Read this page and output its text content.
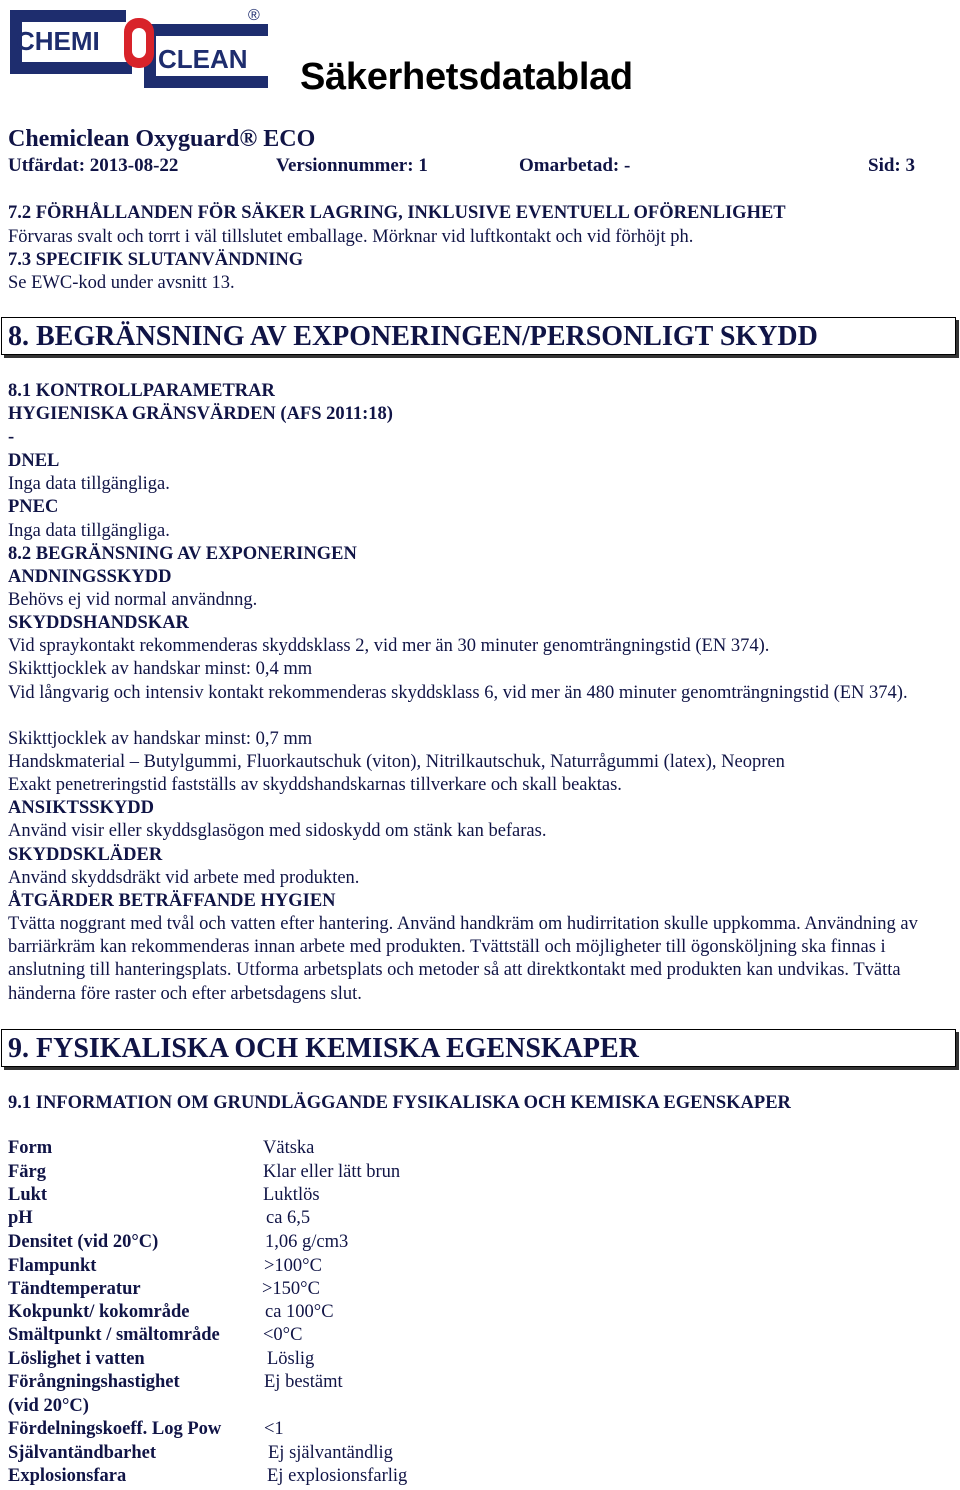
CHEMI
CLEAN
®
Säkerhetsdatablad
Chemiclean Oxyguard® ECO
Utfärdat: 2013-08-22	Versionnummer: 1	Omarbetad: -	Sid: 3
7.2 FÖRHÅLLANDEN FÖR SÄKER LAGRING, INKLUSIVE EVENTUELL OFÖRENLIGHET
Förvaras svalt och torrt i väl tillslutet emballage. Mörknar vid luftkontakt och vid förhöjt ph.
7.3 SPECIFIK SLUTANVÄNDNING
Se EWC-kod under avsnitt 13.
8. BEGRÄNSNING AV EXPONERINGEN/PERSONLIGT SKYDD
8.1 KONTROLLPARAMETRAR
HYGIENISKA GRÄNSVÄRDEN (AFS 2011:18)
-
DNEL
Inga data tillgängliga.
PNEC
Inga data tillgängliga.
8.2 BEGRÄNSNING AV EXPONERINGEN
ANDNINGSSKYDD
Behövs ej vid normal användnng.
SKYDDSHANDSKAR
Vid spraykontakt rekommenderas skyddsklass 2, vid mer än 30 minuter genomträngningstid (EN 374).
Skikttjocklek av handskar minst: 0,4 mm
Vid långvarig och intensiv kontakt rekommenderas skyddsklass 6, vid mer än 480 minuter genomträngningstid (EN 374).
Skikttjocklek av handskar minst: 0,7 mm
Handskmaterial – Butylgummi, Fluorkautschuk (viton), Nitrilkautschuk, Naturrågummi (latex), Neopren
Exakt penetreringstid fastställs av skyddshandskarnas tillverkare och skall beaktas.
ANSIKTSSKYDD
Använd visir eller skyddsglasögon med sidoskydd om stänk kan befaras.
SKYDDSKLÄDER
Använd skyddsdräkt vid arbete med produkten.
ÅTGÄRDER BETRÄFFANDE HYGIEN
Tvätta noggrant med tvål och vatten efter hantering. Använd handkräm om hudirritation skulle uppkomma. Användning av barriärkräm kan rekommenderas innan arbete med produkten. Tvättställ och möjligheter till ögonsköljning ska finnas i anslutning till hanteringsplats. Utforma arbetsplats och metoder så att direktkontakt med produkten kan undvikas. Tvätta händerna före raster och efter arbetsdagens slut.
9. FYSIKALISKA OCH KEMISKA EGENSKAPER
9.1 INFORMATION OM GRUNDLÄGGANDE FYSIKALISKA OCH KEMISKA EGENSKAPER
Form	Vätska
Färg	Klar eller lätt brun
Lukt	Luktlös
pH	ca 6,5
Densitet (vid 20°C)	1,06 g/cm3
Flampunkt	>100°C
Tändtemperatur	>150°C
Kokpunkt/ kokområde	ca 100°C
Smältpunkt / smältområde <0°C
Löslighet i vatten	Löslig
Förångningshastighet	Ej bestämt
(vid 20°C)
Fördelningskoeff. Log Pow <1
Självantändbarhet	Ej självantändlig
Explosionsfara	Ej explosionsfarlig
